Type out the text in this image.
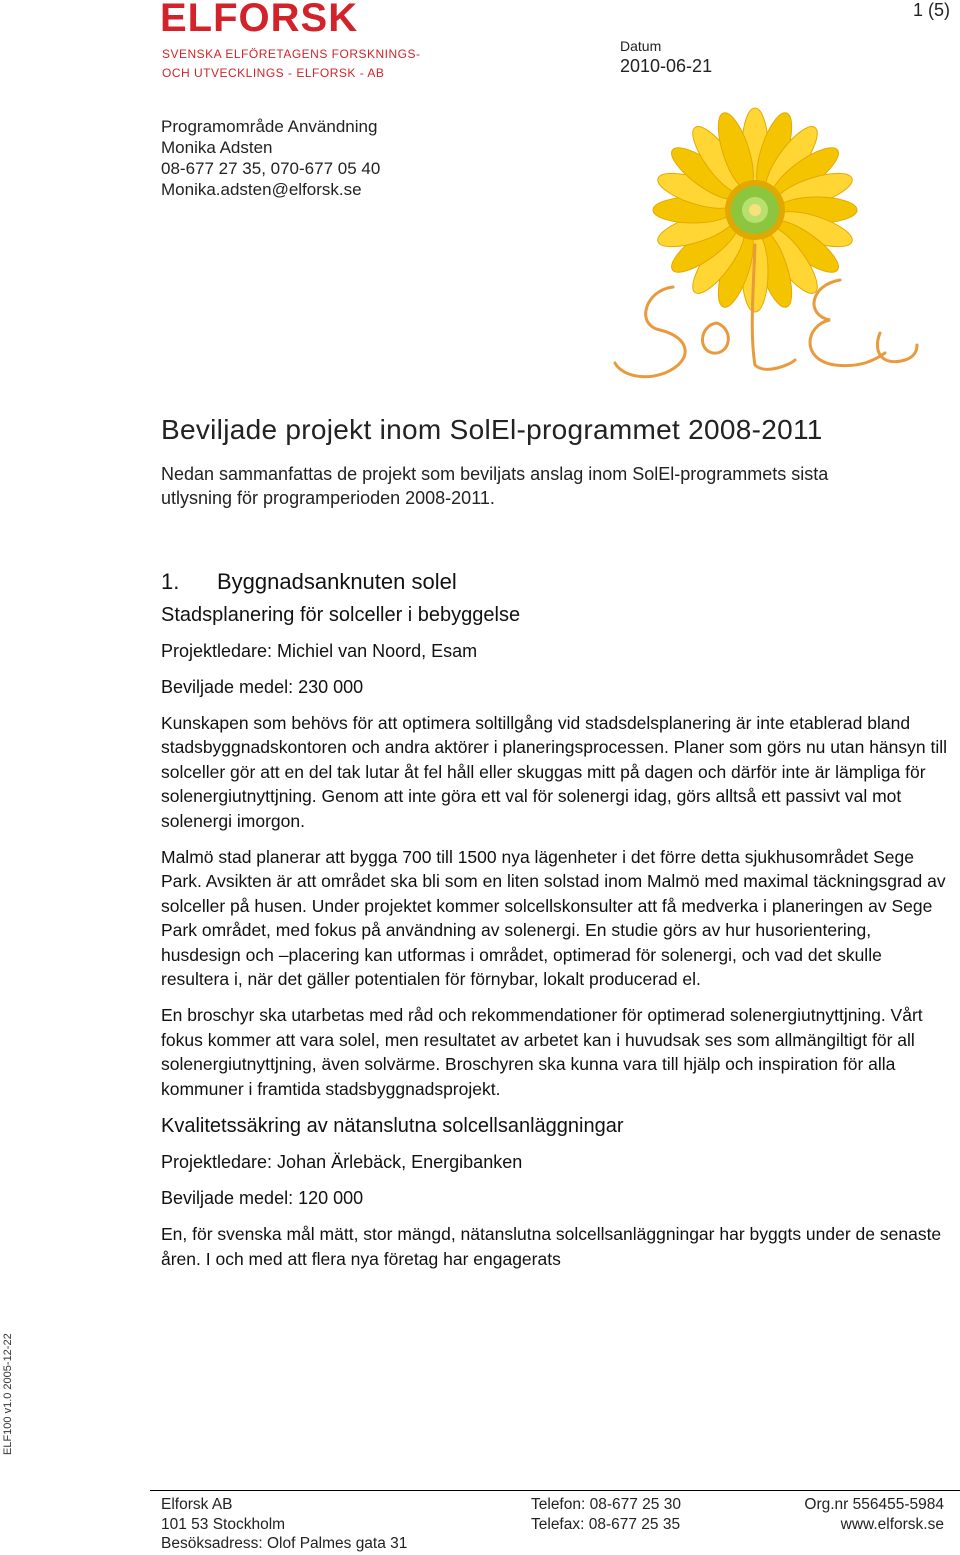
ELFORSK
SVENSKA ELFÖRETAGENS FORSKNINGS-
OCH UTVECKLINGS - ELFORSK - AB
1 (5)
Datum
2010-06-21
Programområde Användning
Monika Adsten
08-677 27 35, 070-677 05 40
Monika.adsten@elforsk.se
Beviljade projekt inom SolEl-programmet 2008-2011
Nedan sammanfattas de projekt som beviljats anslag inom SolEl-programmets sista utlysning för programperioden 2008-2011.
1. Byggnadsanknuten solel
Stadsplanering för solceller i bebyggelse
Projektledare: Michiel van Noord, Esam
Beviljade medel: 230 000
Kunskapen som behövs för att optimera soltillgång vid stadsdelsplanering är inte etablerad bland stadsbyggnadskontoren och andra aktörer i planeringsprocessen. Planer som görs nu utan hänsyn till solceller gör att en del tak lutar åt fel håll eller skuggas mitt på dagen och därför inte är lämpliga för solenergiutnyttjning. Genom att inte göra ett val för solenergi idag, görs alltså ett passivt val mot solenergi imorgon.
Malmö stad planerar att bygga 700 till 1500 nya lägenheter i det förre detta sjukhusområdet Sege Park. Avsikten är att området ska bli som en liten solstad inom Malmö med maximal täckningsgrad av solceller på husen. Under projektet kommer solcellskonsulter att få medverka i planeringen av Sege Park området, med fokus på användning av solenergi. En studie görs av hur husorientering, husdesign och –placering kan utformas i området, optimerad för solenergi, och vad det skulle resultera i, när det gäller potentialen för förnybar, lokalt producerad el.
En broschyr ska utarbetas med råd och rekommendationer för optimerad solenergiutnyttjning. Vårt fokus kommer att vara solel, men resultatet av arbetet kan i huvudsak ses som allmängiltigt för all solenergiutnyttjning, även solvärme. Broschyren ska kunna vara till hjälp och inspiration för alla kommuner i framtida stadsbyggnadsprojekt.
Kvalitetssäkring av nätanslutna solcellsanläggningar
Projektledare: Johan Ärlebäck, Energibanken
Beviljade medel: 120 000
En, för svenska mål mätt, stor mängd, nätanslutna solcellsanläggningar har byggts under de senaste åren. I och med att flera nya företag har engagerats
ELF100 v1.0 2005-12-22
Elforsk AB
101 53 Stockholm
Besöksadress: Olof Palmes gata 31
Telefon: 08-677 25 30
Telefax: 08-677 25 35
Org.nr 556455-5984
www.elforsk.se
